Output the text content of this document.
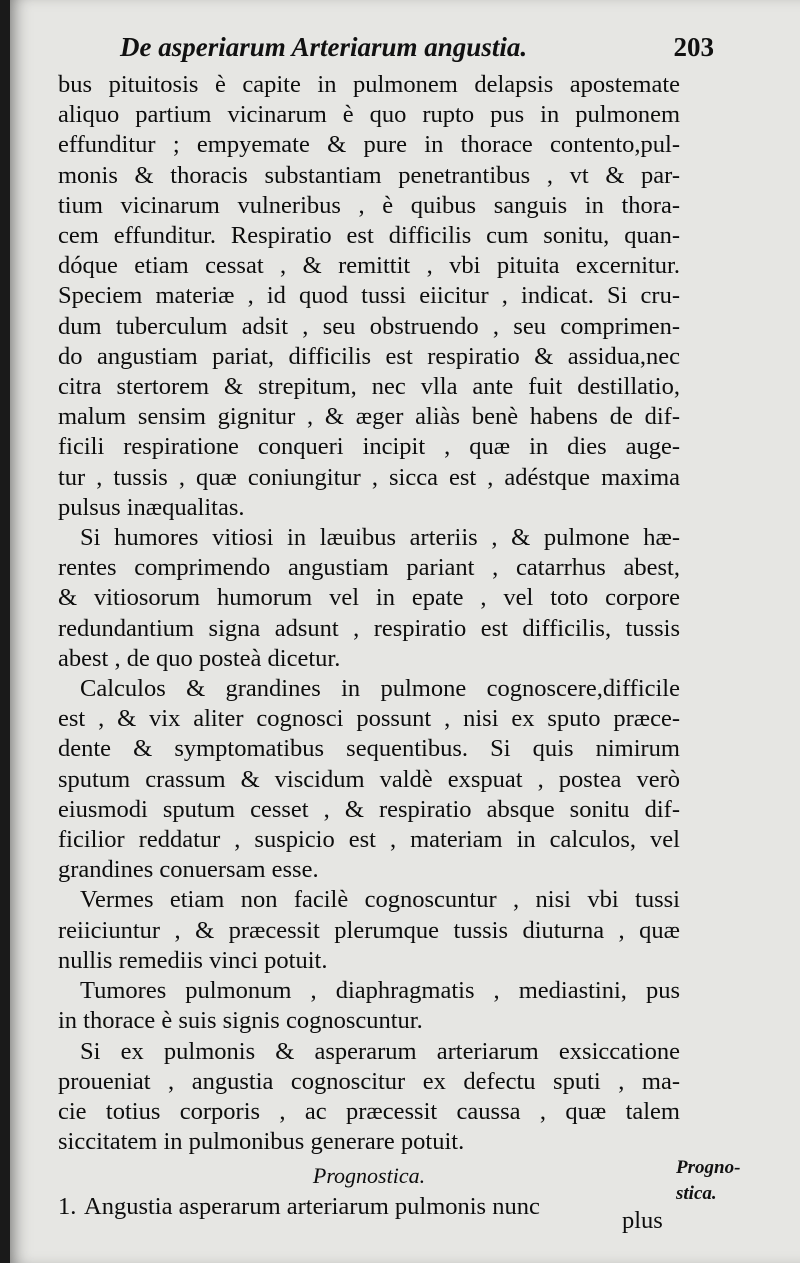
De asperiarum Arteriarum angustia.	203
bus pituitosis è capite in pulmonem delapsis apostemate
aliquo partium vicinarum è quo rupto pus in pulmonem
effunditur ; empyemate & pure in thorace contento,pul-
monis & thoracis substantiam penetrantibus , vt & par-
tium vicinarum vulneribus , è quibus sanguis in thora-
cem effunditur. Respiratio est difficilis cum sonitu, quan-
dóque etiam cessat , & remittit , vbi pituita excernitur.
Speciem materiæ , id quod tussi eiicitur , indicat. Si cru-
dum tuberculum adsit , seu obstruendo , seu comprimen-
do angustiam pariat, difficilis est respiratio & assidua,nec
citra stertorem & strepitum, nec vlla ante fuit destillatio,
malum sensim gignitur , & æger aliàs benè habens de dif-
ficili respiratione conqueri incipit , quæ in dies auge-
tur , tussis , quæ coniungitur , sicca est , adéstque maxima
pulsus inæqualitas.
Si humores vitiosi in læuibus arteriis , & pulmone hæ-
rentes comprimendo angustiam pariant , catarrhus abest,
& vitiosorum humorum vel in epate , vel toto corpore
redundantium signa adsunt , respiratio est difficilis, tussis
abest , de quo posteà dicetur.
Calculos & grandines in pulmone cognoscere,difficile
est , & vix aliter cognosci possunt , nisi ex sputo præce-
dente & symptomatibus sequentibus. Si quis nimirum
sputum crassum & viscidum valdè exspuat , postea verò
eiusmodi sputum cesset , & respiratio absque sonitu dif-
ficilior reddatur , suspicio est , materiam in calculos, vel
grandines conuersam esse.
Vermes etiam non facilè cognoscuntur , nisi vbi tussi
reiiciuntur , & præcessit plerumque tussis diuturna , quæ
nullis remediis vinci potuit.
Tumores pulmonum , diaphragmatis , mediastini, pus
in thorace è suis signis cognoscuntur.
Si ex pulmonis & asperarum arteriarum exsiccatione
proueniat , angustia cognoscitur ex defectu sputi , ma-
cie totius corporis , ac præcessit caussa , quæ talem
siccitatem in pulmonibus generare potuit.
Prognostica.
1. Angustia asperarum arteriarum pulmonis nunc
Progno-
stica.
plus
